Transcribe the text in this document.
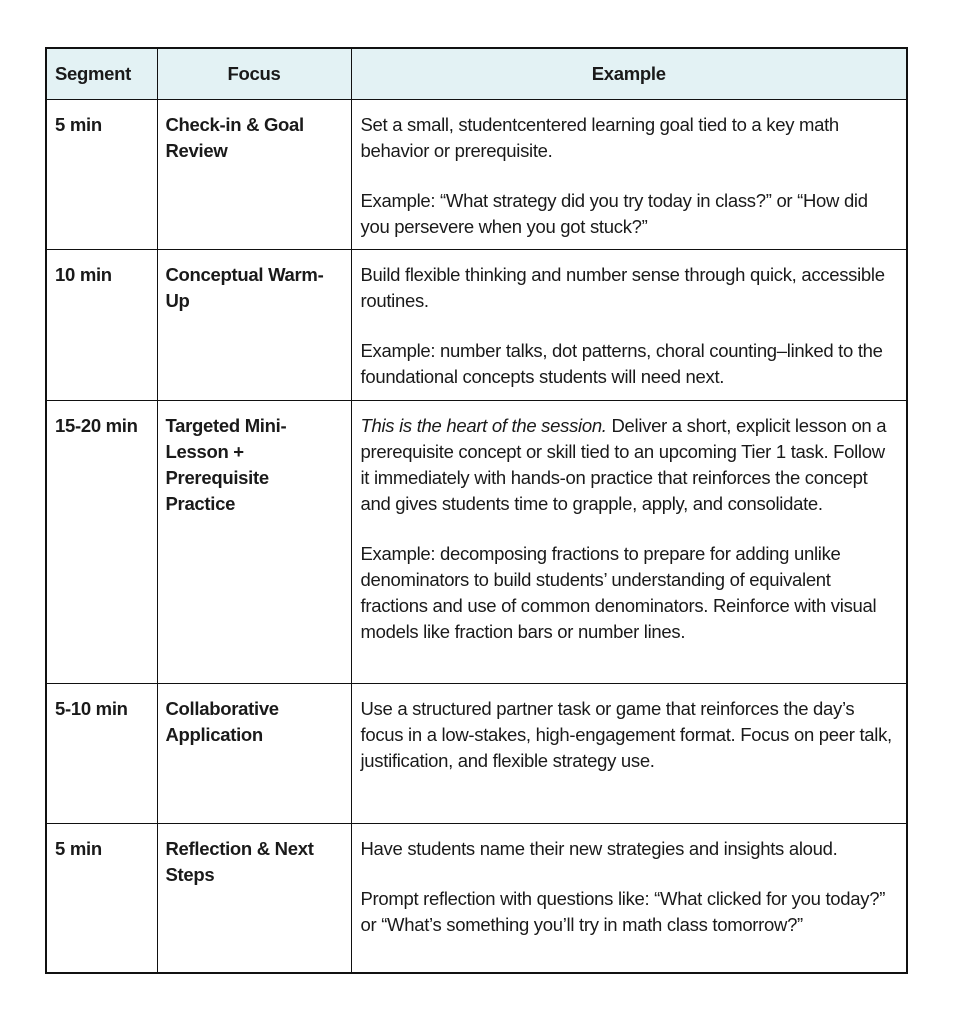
Segment	Focus	Example
5 min	Check-in & Goal Review	Set a small, studentcentered learning goal tied to a key math behavior or prerequisite.

Example: “What strategy did you try today in class?” or “How did you persevere when you got stuck?”

10 min	Conceptual Warm-Up	Build flexible thinking and number sense through quick, accessible routines.

Example: number talks, dot patterns, choral counting–linked to the foundational concepts students will need next.

15-20 min	Targeted Mini-Lesson + Prerequisite Practice	This is the heart of the session. Deliver a short, explicit lesson on a prerequisite concept or skill tied to an upcoming Tier 1 task. Follow it immediately with hands-on practice that reinforces the concept and gives students time to grapple, apply, and consolidate.

Example: decomposing fractions to prepare for adding unlike denominators to build students’ understanding of equivalent fractions and use of common denominators. Reinforce with visual models like fraction bars or number lines.

5-10 min	Collaborative Application	Use a structured partner task or game that reinforces the day’s focus in a low-stakes, high-engagement format. Focus on peer talk, justification, and flexible strategy use.

5 min	Reflection & Next Steps	Have students name their new strategies and insights aloud.

Prompt reflection with questions like: “What clicked for you today?” or “What’s something you’ll try in math class tomorrow?”
